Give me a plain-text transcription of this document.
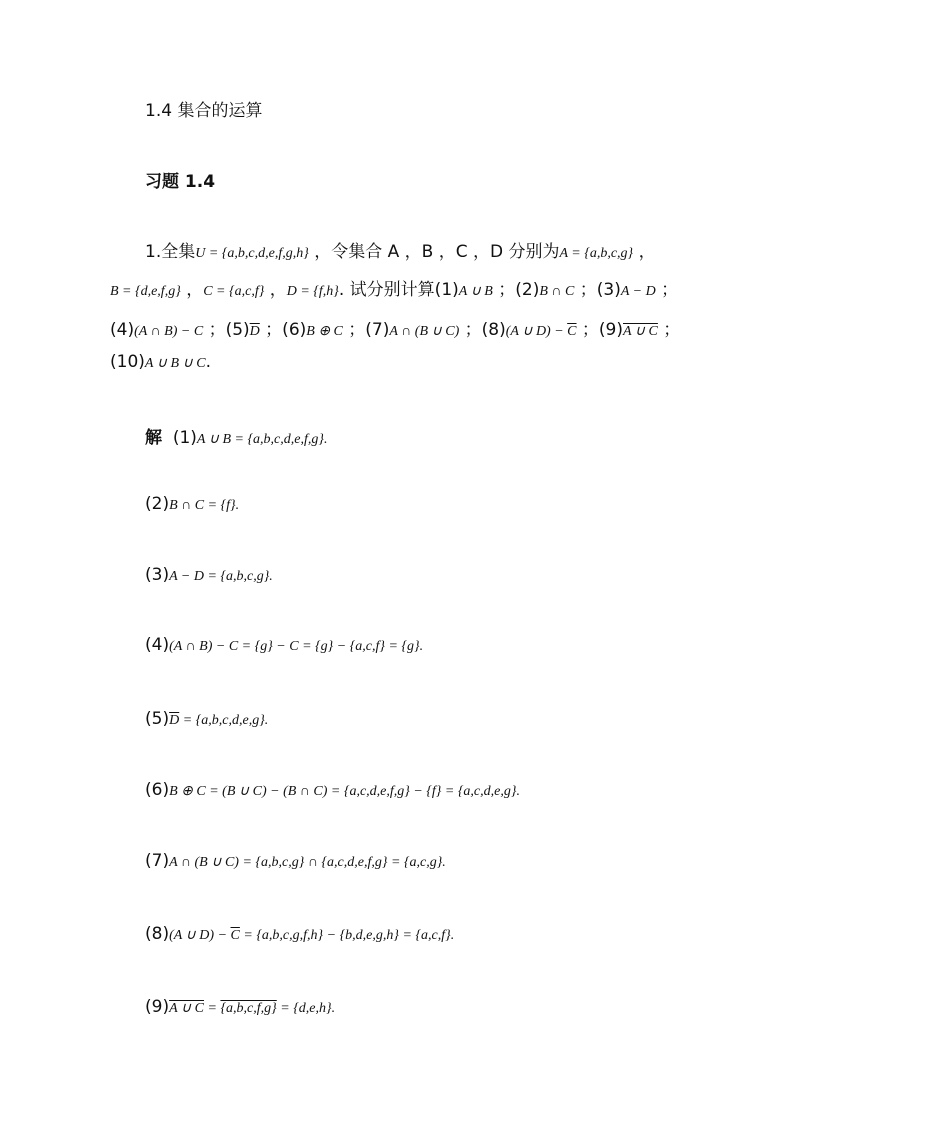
1.4 集合的运算
习题 1.4
1.全集U = {a,b,c,d,e,f,g,h} ，令集合 A ，B ，C ，D 分别为A = {a,b,c,g} ，
B = {d,e,f,g} ，C = {a,c,f} ，D = {f,h}. 试分别计算(1)A ∪ B ；(2)B ∩ C ；(3)A − D ；
(4)(A ∩ B) − C ；$(5)\overline{D}$ ；(6)B ⊕ C ；(7)A ∩ (B ∪ C) ；(8)(A ∪ $D) - \overline{C}$ ；(9)A ∪ C ；
(10)A ∪ B ∪ C.
解 (1)A ∪ B = {a,b,c,d,e,f,g}.
(2)B ∩ C = {f}.
(3)A − D = {a,b,c,g}.
(4)(A ∩ B) − C = {g} − C = {g} − {a,c,f} = {g}.
$(5)\overline{D} = \{a,b,c,d,e,g\}$.
(6)B ⊕ C = (B ∪ C) − (B ∩ C) = {a,c,d,e,f,g} − {f} = {a,c,d,e,g}.
(7)A ∩ (B ∪ C) = {a,b,c,g} ∩ {a,c,d,e,f,g} = {a,c,g}.
(8)(A ∪ $D) - \overline{C} = \{a,b,c,g,f,h\} - \{b,d,e,g,h\} = \{a,c,f\}$.
(9)A ∪ C = {a,b,c,f,g} = {d,e,h}.
